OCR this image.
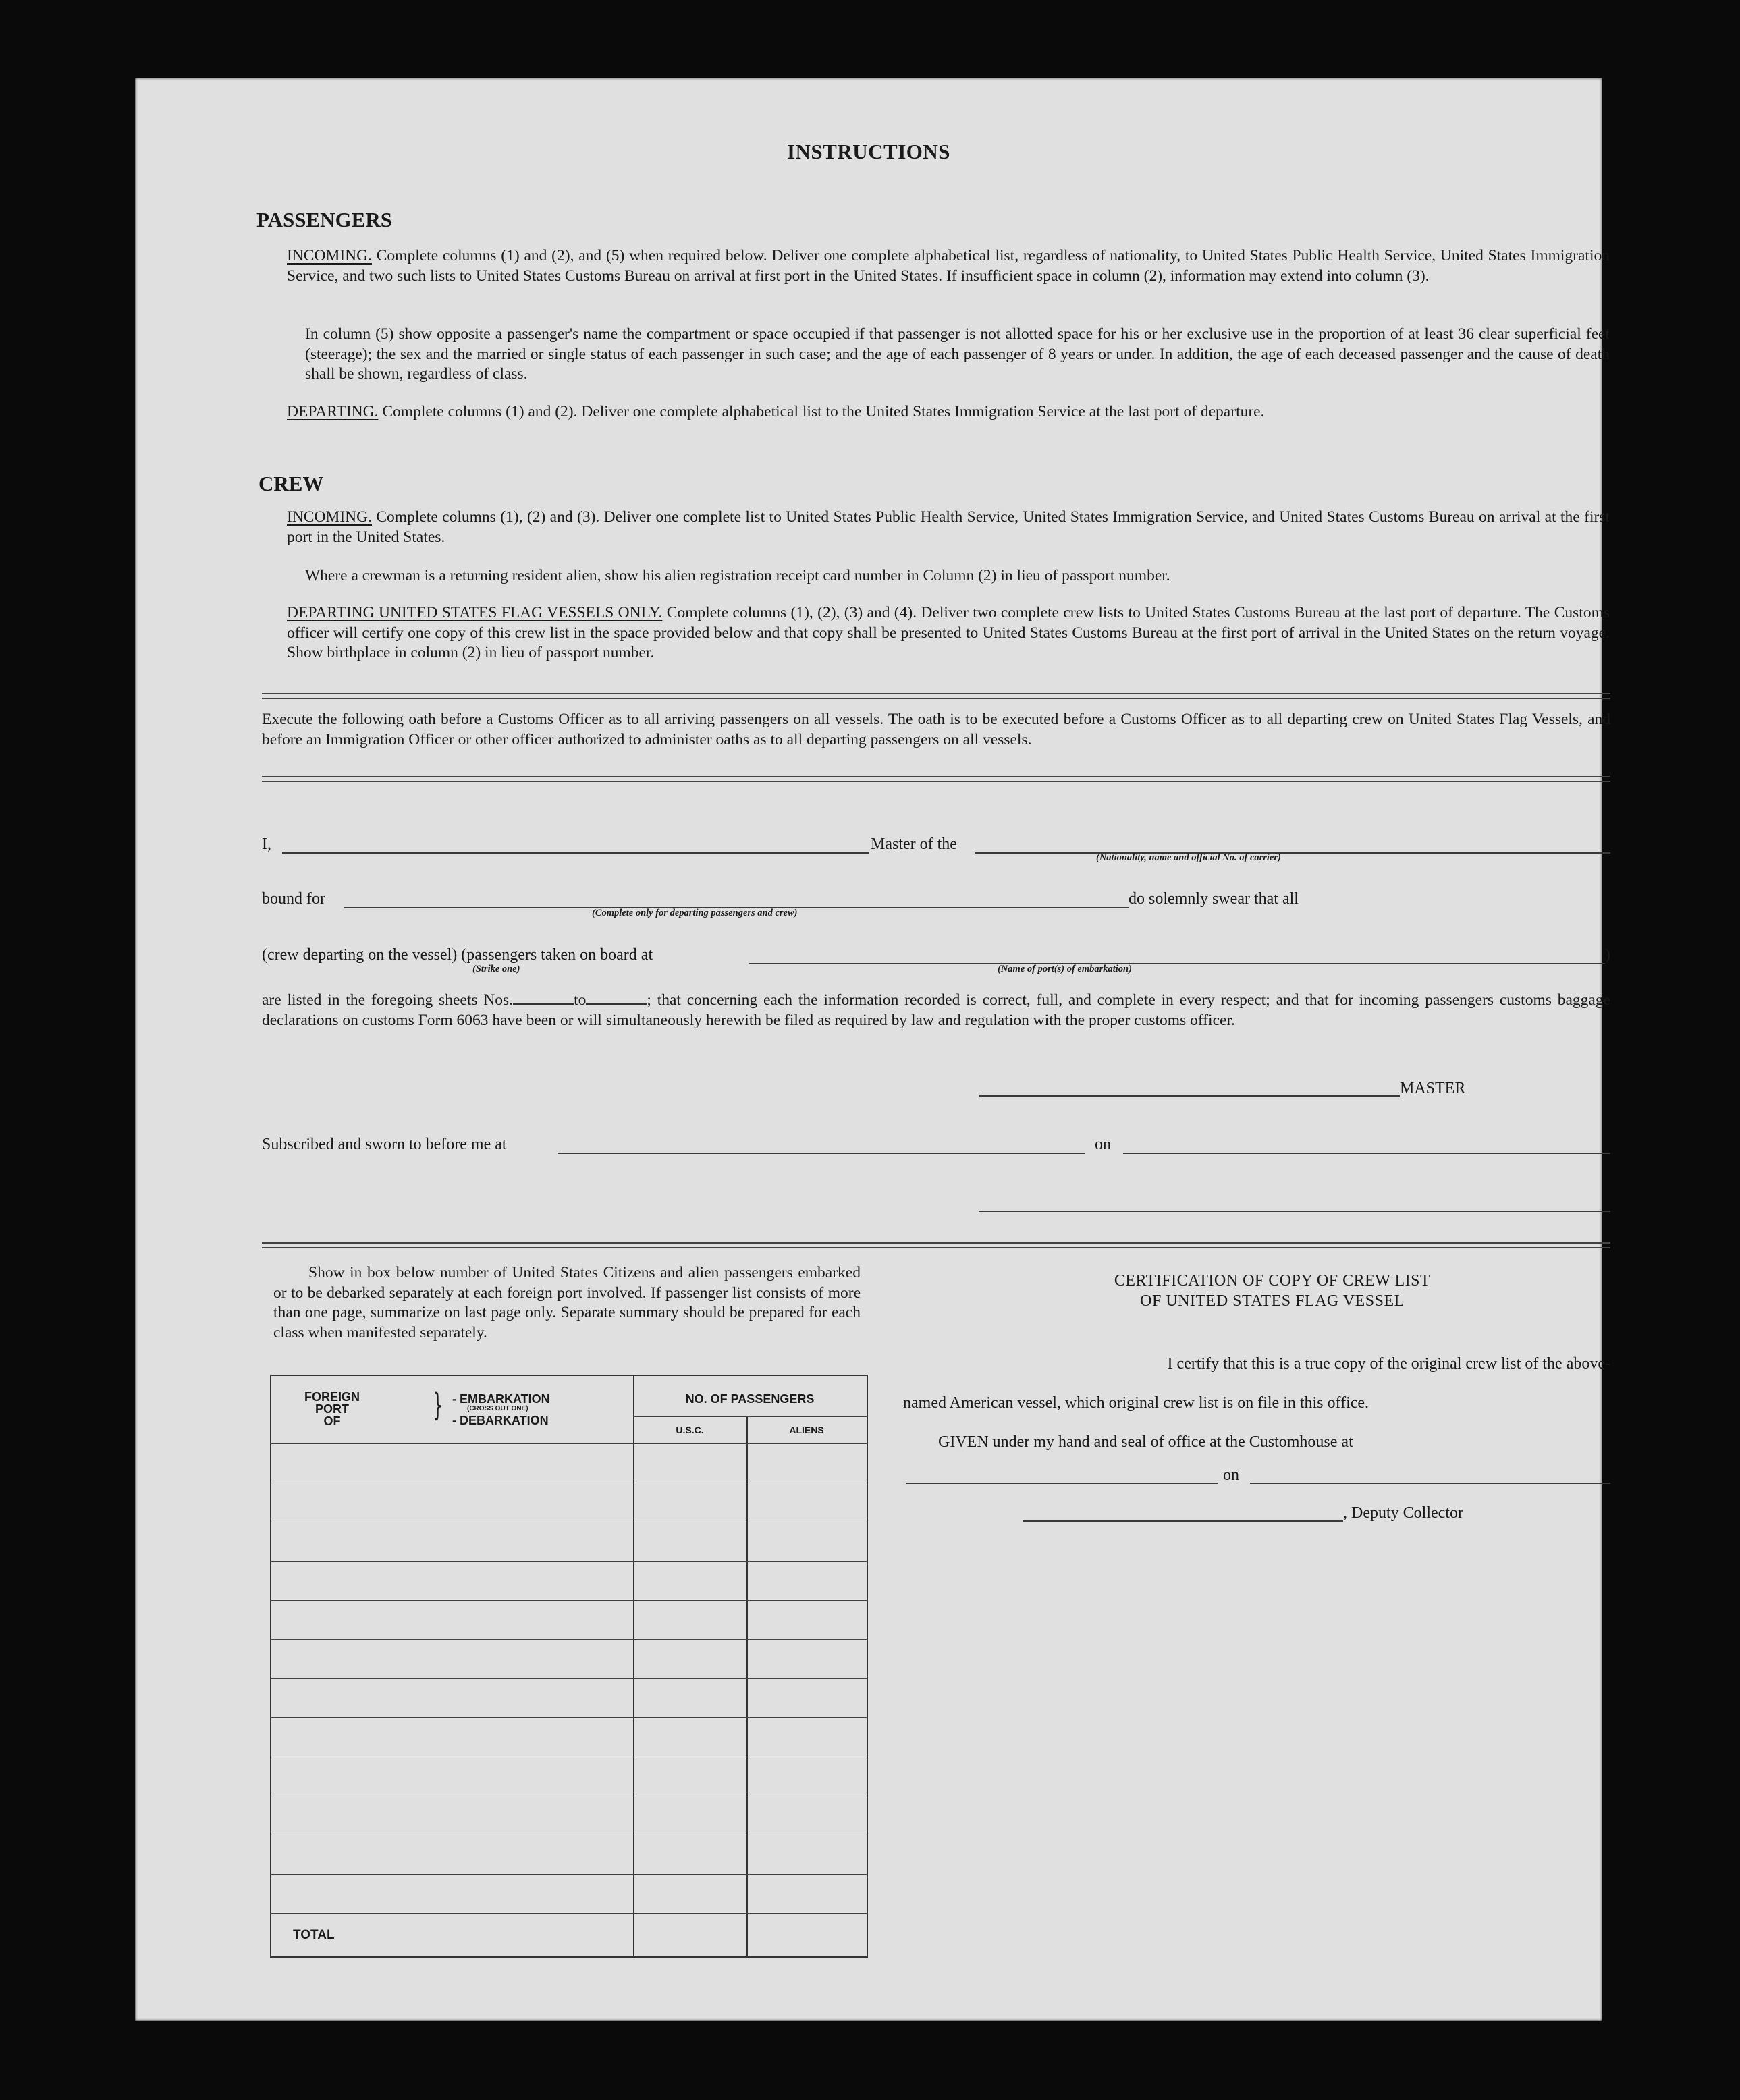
INSTRUCTIONS
PASSENGERS
INCOMING. Complete columns (1) and (2), and (5) when required below. Deliver one complete alphabetical list, regardless of nationality, to United States Public Health Service, United States Immigration Service, and two such lists to United States Customs Bureau on arrival at first port in the United States. If insufficient space in column (2), information may extend into column (3).
In column (5) show opposite a passenger's name the compartment or space occupied if that passenger is not allotted space for his or her exclusive use in the proportion of at least 36 clear superficial feet (steerage); the sex and the married or single status of each passenger in such case; and the age of each passenger of 8 years or under. In addition, the age of each deceased passenger and the cause of death shall be shown, regardless of class.
DEPARTING. Complete columns (1) and (2). Deliver one complete alphabetical list to the United States Immigration Service at the last port of departure.
CREW
INCOMING. Complete columns (1), (2) and (3). Deliver one complete list to United States Public Health Service, United States Immigration Service, and United States Customs Bureau on arrival at the first port in the United States.
Where a crewman is a returning resident alien, show his alien registration receipt card number in Column (2) in lieu of passport number.
DEPARTING UNITED STATES FLAG VESSELS ONLY. Complete columns (1), (2), (3) and (4). Deliver two complete crew lists to United States Customs Bureau at the last port of departure. The Customs officer will certify one copy of this crew list in the space provided below and that copy shall be presented to United States Customs Bureau at the first port of arrival in the United States on the return voyage. Show birthplace in column (2) in lieu of passport number.
Execute the following oath before a Customs Officer as to all arriving passengers on all vessels. The oath is to be executed before a Customs Officer as to all departing crew on United States Flag Vessels, and before an Immigration Officer or other officer authorized to administer oaths as to all departing passengers on all vessels.
I,	Master of the
(Nationality, name and official No. of carrier)
bound for	do solemnly swear that all
(Complete only for departing passengers and crew)
(crew departing on the vessel) (passengers taken on board at	)
(Strike one)	(Name of port(s) of embarkation)
are listed in the foregoing sheets Nos.	to	; that concerning each the information recorded is correct, full, and complete in every respect; and that for incoming passengers customs baggage declarations on customs Form 6063 have been or will simultaneously herewith be filed as required by law and regulation with the proper customs officer.
MASTER
Subscribed and sworn to before me at	on
Show in box below number of United States Citizens and alien passengers embarked or to be debarked separately at each foreign port involved. If passenger list consists of more than one page, summarize on last page only. Separate summary should be prepared for each class when manifested separately.
FOREIGN
PORT
OF	} - EMBARKATION
(CROSS OUT ONE)
- DEBARKATION
NO. OF PASSENGERS
U.S.C.	ALIENS
TOTAL
CERTIFICATION OF COPY OF CREW LIST
OF UNITED STATES FLAG VESSEL
I certify that this is a true copy of the original crew list of the above-
named American vessel, which original crew list is on file in this office.
GIVEN under my hand and seal of office at the Customhouse at
on
, Deputy Collector
